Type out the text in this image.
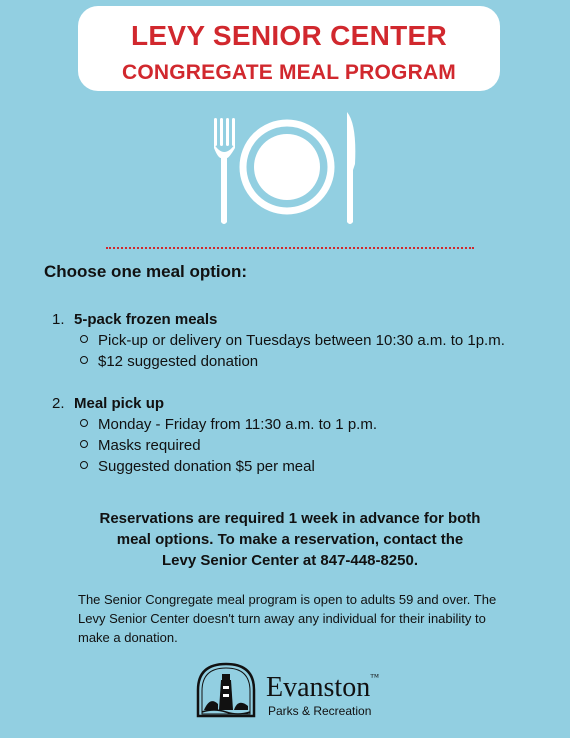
LEVY SENIOR CENTER
CONGREGATE MEAL PROGRAM
Choose one meal option:
1. 5-pack frozen meals
Pick-up or delivery on Tuesdays between 10:30 a.m. to 1p.m.
$12 suggested donation
2. Meal pick up
Monday - Friday from 11:30 a.m. to 1 p.m.
Masks required
Suggested donation $5 per meal
Reservations are required 1 week in advance for both
meal options. To make a reservation, contact the
Levy Senior Center at 847-448-8250.
The Senior Congregate meal program is open to adults 59 and over. The Levy Senior Center doesn't turn away any individual for their inability to make a donation.
Evanston™
Parks & Recreation
